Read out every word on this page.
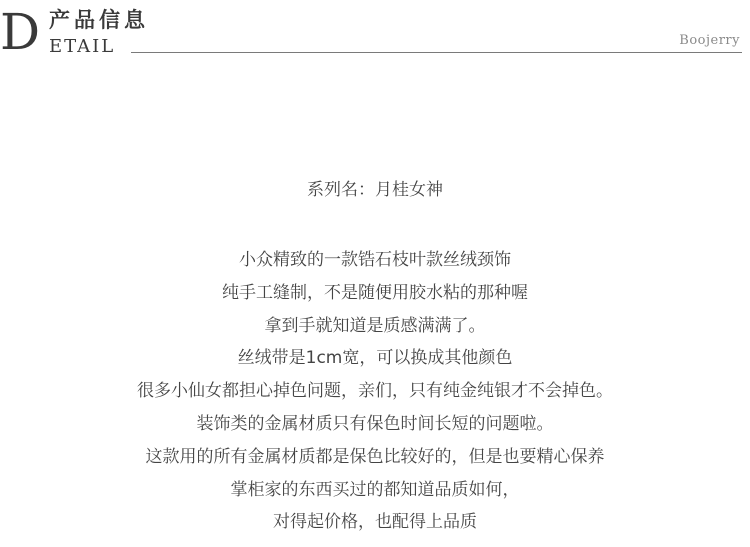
D 产品信息
ETAIL	Boojerry
系列名：月桂女神
小众精致的一款锆石枝叶款丝绒颈饰
纯手工缝制，不是随便用胶水粘的那种喔
拿到手就知道是质感满满了。
丝绒带是1cm宽，可以换成其他颜色
很多小仙女都担心掉色问题，亲们，只有纯金纯银才不会掉色。
装饰类的金属材质只有保色时间长短的问题啦。
这款用的所有金属材质都是保色比较好的，但是也要精心保养
掌柜家的东西买过的都知道品质如何，
对得起价格，也配得上品质
